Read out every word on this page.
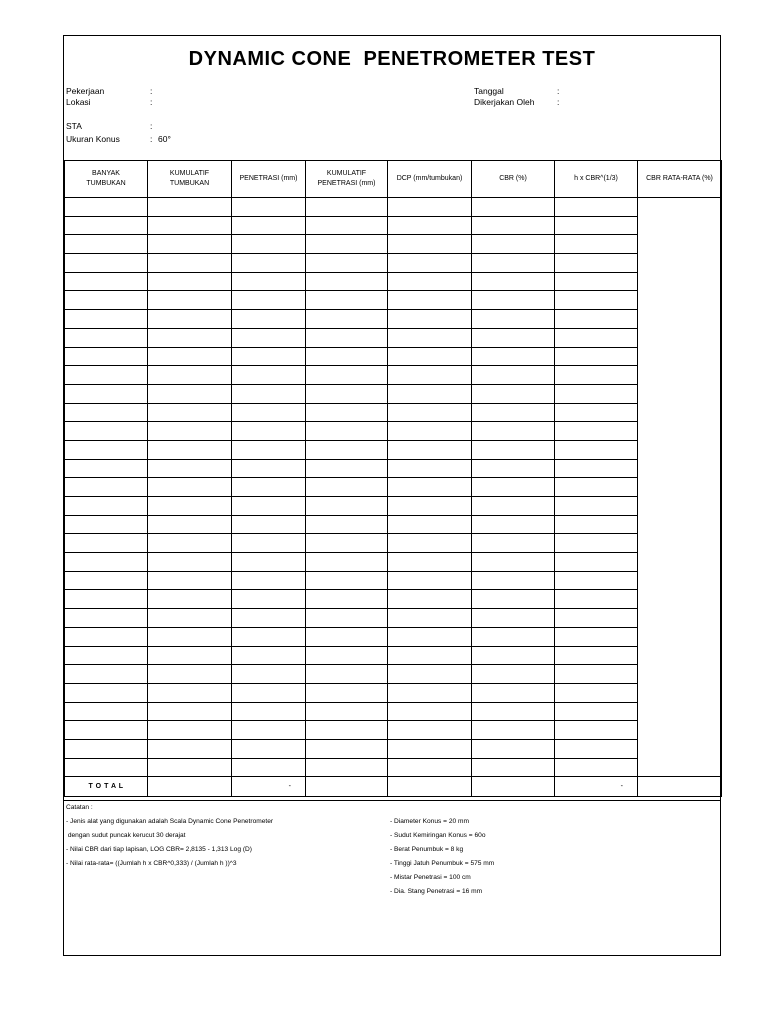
DYNAMIC CONE  PENETROMETER TEST
Pekerjaan	:
Lokasi	:
STA	:
Ukuran Konus	: 60°
Tanggal	:
Dikerjakan Oleh	:
BANYAK TUMBUKAN	KUMULATIF TUMBUKAN	PENETRASI (mm)	KUMULATIF PENETRASI (mm)	DCP (mm/tumbukan)	CBR (%)	h x CBR^(1/3)	CBR RATA-RATA (%)

T O T A L		-				-	
Catatan :
- Jenis alat yang digunakan adalah Scala Dynamic Cone Penetrometer
dengan sudut puncak kerucut 30 derajat
- Nilai CBR dari tiap lapisan, LOG CBR= 2,8135 - 1,313 Log (D)
- Nilai rata-rata= ((Jumlah h x CBR^0,333) / (Jumlah h ))^3
- Diameter Konus = 20 mm
- Sudut Kemiringan Konus = 60o
- Berat Penumbuk = 8 kg
- Tinggi Jatuh Penumbuk = 575 mm
- Mistar Penetrasi = 100 cm
- Dia. Stang Penetrasi = 16 mm
